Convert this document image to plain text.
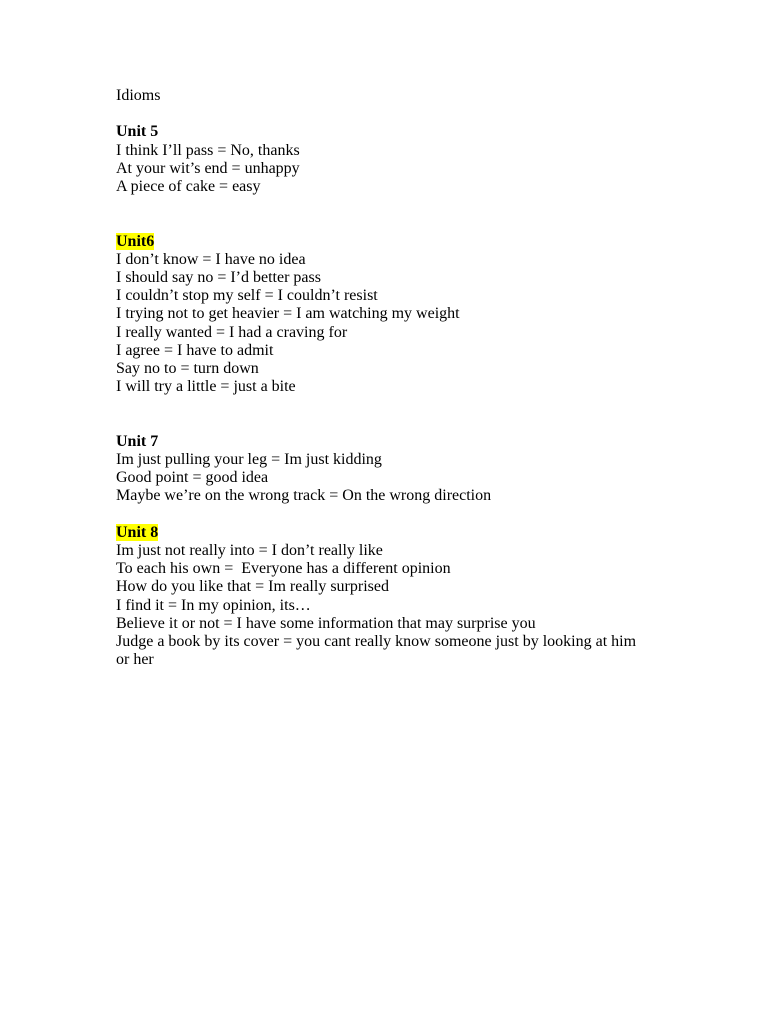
Idioms
Unit 5
I think I’ll pass = No, thanks
At your wit’s end = unhappy
A piece of cake = easy
Unit6
I don’t know = I have no idea
I should say no = I’d better pass
I couldn’t stop my self = I couldn’t resist
I trying not to get heavier = I am watching my weight
I really wanted = I had a craving for
I agree = I have to admit
Say no to = turn down
I will try a little = just a bite
Unit 7
Im just pulling your leg = Im just kidding
Good point = good idea
Maybe we’re on the wrong track = On the wrong direction
Unit 8
Im just not really into = I don’t really like
To each his own =  Everyone has a different opinion
How do you like that = Im really surprised
I find it = In my opinion, its…
Believe it or not = I have some information that may surprise you
Judge a book by its cover = you cant really know someone just by looking at him or her
